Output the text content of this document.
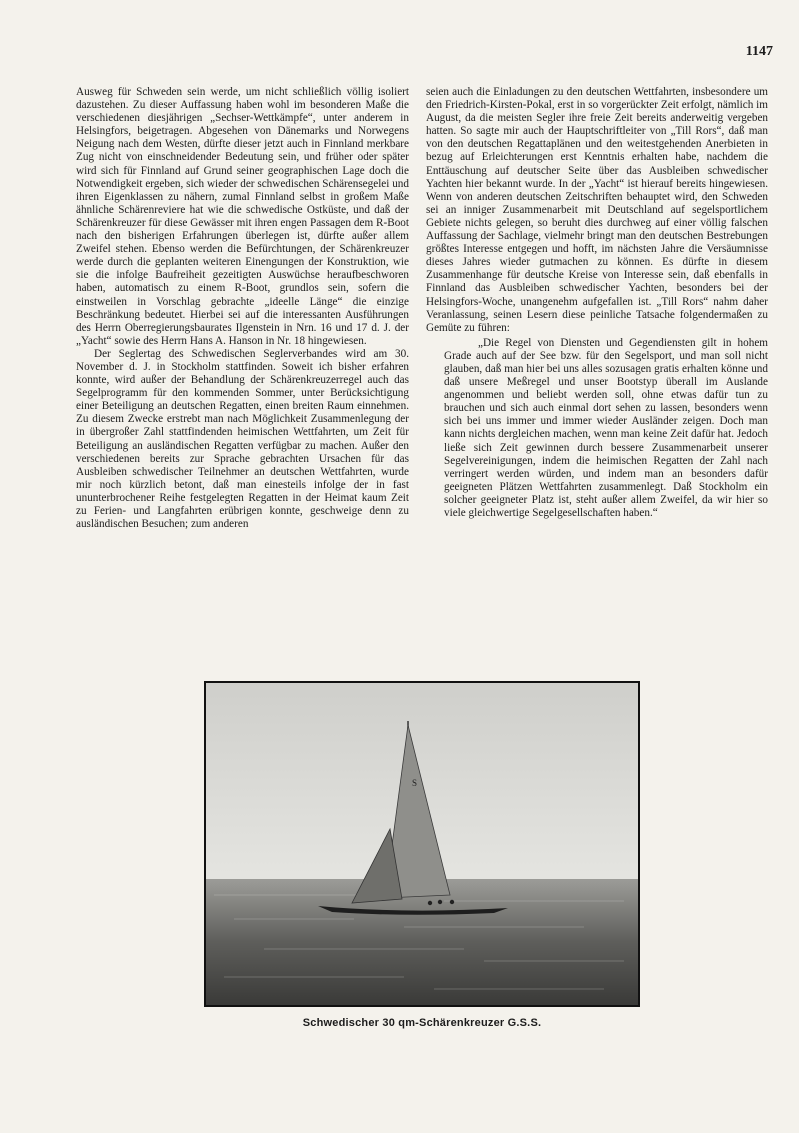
1147

Ausweg für Schweden sein werde, um nicht schließlich völlig isoliert dazustehen. Zu dieser Auffassung haben wohl im besonderen Maße die verschiedenen diesjährigen „Sechser-Wettkämpfe“, unter anderem in Helsingfors, beigetragen. Abgesehen von Dänemarks und Norwegens Neigung nach dem Westen, dürfte dieser jetzt auch in Finnland merkbare Zug nicht von einschneidender Bedeutung sein, und früher oder später wird sich für Finnland auf Grund seiner geographischen Lage doch die Notwendigkeit ergeben, sich wieder der schwedischen Schärensegelei und ihren Eigenklassen zu nähern, zumal Finnland selbst in großem Maße ähnliche Schärenreviere hat wie die schwedische Ostküste, und daß der Schärenkreuzer für diese Gewässer mit ihren engen Passagen dem R-Boot nach den bisherigen Erfahrungen überlegen ist, dürfte außer allem Zweifel stehen. Ebenso werden die Befürchtungen, der Schärenkreuzer werde durch die geplanten weiteren Einengungen der Konstruktion, wie sie die infolge Baufreiheit gezeitigten Auswüchse heraufbeschworen haben, automatisch zu einem R-Boot, grundlos sein, sofern die einstweilen in Vorschlag gebrachte „ideelle Länge“ die einzige Beschränkung bedeutet. Hierbei sei auf die interessanten Ausführungen des Herrn Oberregierungsbaurates Ilgenstein in Nrn. 16 und 17 d. J. der „Yacht“ sowie des Herrn Hans A. Hanson in Nr. 18 hingewiesen.

Der Seglertag des Schwedischen Seglerverbandes wird am 30. November d. J. in Stockholm stattfinden. Soweit ich bisher erfahren konnte, wird außer der Behandlung der Schärenkreuzerregel auch das Segelprogramm für den kommenden Sommer, unter Berücksichtigung einer Beteiligung an deutschen Regatten, einen breiten Raum einnehmen. Zu diesem Zwecke erstrebt man nach Möglichkeit Zusammenlegung der in übergroßer Zahl stattfindenden heimischen Wettfahrten, um Zeit für Beteiligung an ausländischen Regatten verfügbar zu machen. Außer den verschiedenen bereits zur Sprache gebrachten Ursachen für das Ausbleiben schwedischer Teilnehmer an deutschen Wettfahrten, wurde mir noch kürzlich betont, daß man einesteils infolge der in fast ununterbrochener Reihe festgelegten Regatten in der Heimat kaum Zeit zu Ferien- und Langfahrten erübrigen konnte, geschweige denn zu ausländischen Besuchen; zum anderen

seien auch die Einladungen zu den deutschen Wettfahrten, insbesondere um den Friedrich-Kirsten-Pokal, erst in so vorgerückter Zeit erfolgt, nämlich im August, da die meisten Segler ihre freie Zeit bereits anderweitig vergeben hatten. So sagte mir auch der Hauptschriftleiter von „Till Rors“, daß man von den deutschen Regattaplänen und den weitestgehenden Anerbieten in bezug auf Erleichterungen erst Kenntnis erhalten habe, nachdem die Enttäuschung auf deutscher Seite über das Ausbleiben schwedischer Yachten hier bekannt wurde. In der „Yacht“ ist hierauf bereits hingewiesen. Wenn von anderen deutschen Zeitschriften behauptet wird, den Schweden sei an inniger Zusammenarbeit mit Deutschland auf segelsportlichem Gebiete nichts gelegen, so beruht dies durchweg auf einer völlig falschen Auffassung der Sachlage, vielmehr bringt man den deutschen Bestrebungen größtes Interesse entgegen und hofft, im nächsten Jahre die Versäumnisse dieses Jahres wieder gutmachen zu können. Es dürfte in diesem Zusammenhange für deutsche Kreise von Interesse sein, daß ebenfalls in Finnland das Ausbleiben schwedischer Yachten, besonders bei der Helsingfors-Woche, unangenehm aufgefallen ist. „Till Rors“ nahm daher Veranlassung, seinen Lesern diese peinliche Tatsache folgendermaßen zu Gemüte zu führen:

„Die Regel von Diensten und Gegendiensten gilt in hohem Grade auch auf der See bzw. für den Segelsport, und man soll nicht glauben, daß man hier bei uns alles sozusagen gratis erhalten könne und daß unsere Meßregel und unser Bootstyp überall im Auslande angenommen und beliebt werden soll, ohne etwas dafür tun zu brauchen und sich auch einmal dort sehen zu lassen, besonders wenn sich bei uns immer und immer wieder Ausländer zeigen. Doch man kann nichts dergleichen machen, wenn man keine Zeit dafür hat. Jedoch ließe sich Zeit gewinnen durch bessere Zusammenarbeit unserer Segelvereinigungen, indem die heimischen Regatten der Zahl nach verringert werden würden, und indem man an besonders dafür geeigneten Plätzen Wettfahrten zusammenlegt. Daß Stockholm ein solcher geeigneter Platz ist, steht außer allem Zweifel, da wir hier so viele gleichwertige Segelgesellschaften haben.“

S
Schwedischer 30 qm-Schärenkreuzer G.S.S.
